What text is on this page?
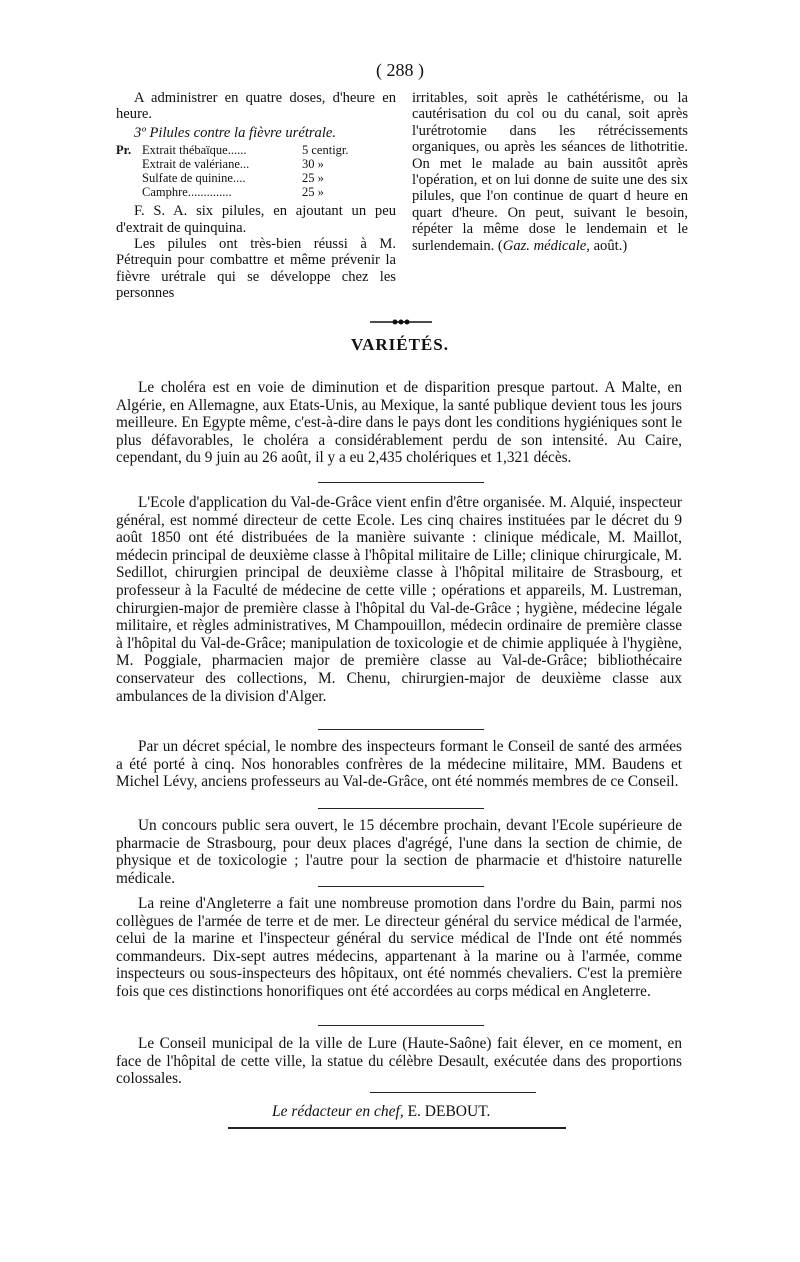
( 288 )

A administrer en quatre doses, d'heure en heure.

3º Pilules contre la fièvre urétrale.

Pr. Extrait thébaïque......	5 centigr.
Extrait de valériane...	30 »
Sulfate de quinine....	25 »
Camphre..............	25 »

F. S. A. six pilules, en ajoutant un peu d'extrait de quinquina.

Les pilules ont très-bien réussi à M. Pétrequin pour combattre et même prévenir la fièvre urétrale qui se développe chez les personnes

irritables, soit après le cathétérisme, ou la cautérisation du col ou du canal, soit après l'urétrotomie dans les rétrécissements organiques, ou après les séances de lithotritie. On met le malade au bain aussitôt après l'opération, et on lui donne de suite une des six pilules, que l'on continue de quart d heure en quart d'heure. On peut, suivant le besoin, répéter la même dose le lendemain et le surlendemain. (Gaz. médicale, août.)

VARIÉTÉS.

Le choléra est en voie de diminution et de disparition presque partout. A Malte, en Algérie, en Allemagne, aux Etats-Unis, au Mexique, la santé publique devient tous les jours meilleure. En Egypte même, c'est-à-dire dans le pays dont les conditions hygiéniques sont le plus défavorables, le choléra a considérablement perdu de son intensité. Au Caire, cependant, du 9 juin au 26 août, il y a eu 2,435 cholériques et 1,321 décès.

L'Ecole d'application du Val-de-Grâce vient enfin d'être organisée. M. Alquié, inspecteur général, est nommé directeur de cette Ecole. Les cinq chaires instituées par le décret du 9 août 1850 ont été distribuées de la manière suivante : clinique médicale, M. Maillot, médecin principal de deuxième classe à l'hôpital militaire de Lille; clinique chirurgicale, M. Sedillot, chirurgien principal de deuxième classe à l'hôpital militaire de Strasbourg, et professeur à la Faculté de médecine de cette ville ; opérations et appareils, M. Lustreman, chirurgien-major de première classe à l'hôpital du Val-de-Grâce ; hygiène, médecine légale militaire, et règles administratives, M Champouillon, médecin ordinaire de première classe à l'hôpital du Val-de-Grâce; manipulation de toxicologie et de chimie appliquée à l'hygiène, M. Poggiale, pharmacien major de première classe au Val-de-Grâce; bibliothécaire conservateur des collections, M. Chenu, chirurgien-major de deuxième classe aux ambulances de la division d'Alger.

Par un décret spécial, le nombre des inspecteurs formant le Conseil de santé des armées a été porté à cinq. Nos honorables confrères de la médecine militaire, MM. Baudens et Michel Lévy, anciens professeurs au Val-de-Grâce, ont été nommés membres de ce Conseil.

Un concours public sera ouvert, le 15 décembre prochain, devant l'Ecole supérieure de pharmacie de Strasbourg, pour deux places d'agrégé, l'une dans la section de chimie, de physique et de toxicologie ; l'autre pour la section de pharmacie et d'histoire naturelle médicale.

La reine d'Angleterre a fait une nombreuse promotion dans l'ordre du Bain, parmi nos collègues de l'armée de terre et de mer. Le directeur général du service médical de l'armée, celui de la marine et l'inspecteur général du service médical de l'Inde ont été nommés commandeurs. Dix-sept autres médecins, appartenant à la marine ou à l'armée, comme inspecteurs ou sous-inspecteurs des hôpitaux, ont été nommés chevaliers. C'est la première fois que ces distinctions honorifiques ont été accordées au corps médical en Angleterre.

Le Conseil municipal de la ville de Lure (Haute-Saône) fait élever, en ce moment, en face de l'hôpital de cette ville, la statue du célèbre Desault, exécutée dans des proportions colossales.

Le rédacteur en chef, E. DEBOUT.
